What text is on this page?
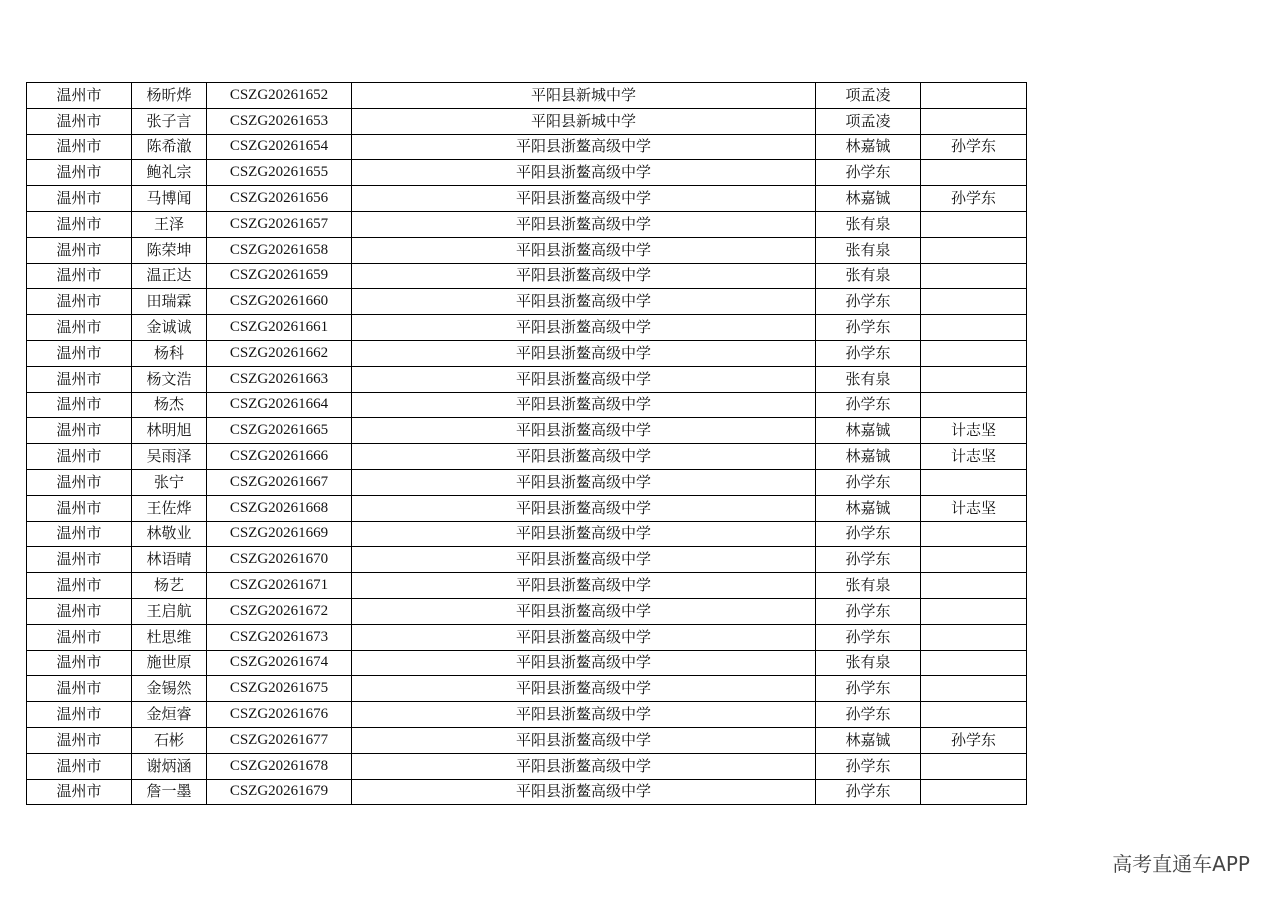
温州市	杨昕烨	CSZG20261652	平阳县新城中学	项孟凌	
温州市	张子言	CSZG20261653	平阳县新城中学	项孟凌	
温州市	陈希澈	CSZG20261654	平阳县浙鳌高级中学	林嘉铖	孙学东
温州市	鲍礼宗	CSZG20261655	平阳县浙鳌高级中学	孙学东	
温州市	马博闻	CSZG20261656	平阳县浙鳌高级中学	林嘉铖	孙学东
温州市	王泽	CSZG20261657	平阳县浙鳌高级中学	张有泉	
温州市	陈荣坤	CSZG20261658	平阳县浙鳌高级中学	张有泉	
温州市	温正达	CSZG20261659	平阳县浙鳌高级中学	张有泉	
温州市	田瑞霖	CSZG20261660	平阳县浙鳌高级中学	孙学东	
温州市	金诚诚	CSZG20261661	平阳县浙鳌高级中学	孙学东	
温州市	杨科	CSZG20261662	平阳县浙鳌高级中学	孙学东	
温州市	杨文浩	CSZG20261663	平阳县浙鳌高级中学	张有泉	
温州市	杨杰	CSZG20261664	平阳县浙鳌高级中学	孙学东	
温州市	林明旭	CSZG20261665	平阳县浙鳌高级中学	林嘉铖	计志坚
温州市	吴雨泽	CSZG20261666	平阳县浙鳌高级中学	林嘉铖	计志坚
温州市	张宁	CSZG20261667	平阳县浙鳌高级中学	孙学东	
温州市	王佐烨	CSZG20261668	平阳县浙鳌高级中学	林嘉铖	计志坚
温州市	林敬业	CSZG20261669	平阳县浙鳌高级中学	孙学东	
温州市	林语晴	CSZG20261670	平阳县浙鳌高级中学	孙学东	
温州市	杨艺	CSZG20261671	平阳县浙鳌高级中学	张有泉	
温州市	王启航	CSZG20261672	平阳县浙鳌高级中学	孙学东	
温州市	杜思维	CSZG20261673	平阳县浙鳌高级中学	孙学东	
温州市	施世原	CSZG20261674	平阳县浙鳌高级中学	张有泉	
温州市	金锡然	CSZG20261675	平阳县浙鳌高级中学	孙学东	
温州市	金烜睿	CSZG20261676	平阳县浙鳌高级中学	孙学东	
温州市	石彬	CSZG20261677	平阳县浙鳌高级中学	林嘉铖	孙学东
温州市	谢炳涵	CSZG20261678	平阳县浙鳌高级中学	孙学东	
温州市	詹一墨	CSZG20261679	平阳县浙鳌高级中学	孙学东	
高考直通车APP
